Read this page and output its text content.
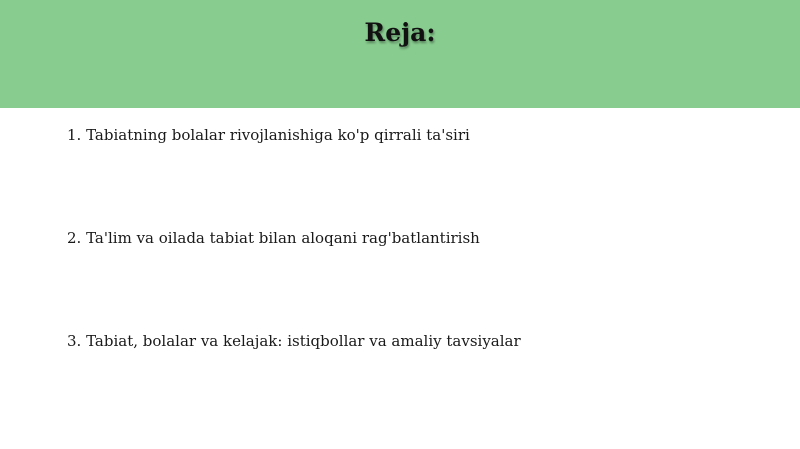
Reja:
1. Tabiatning bolalar rivojlanishiga ko'p qirrali ta'siri
2. Ta'lim va oilada tabiat bilan aloqani rag'batlantirish
3. Tabiat, bolalar va kelajak: istiqbollar va amaliy tavsiyalar
